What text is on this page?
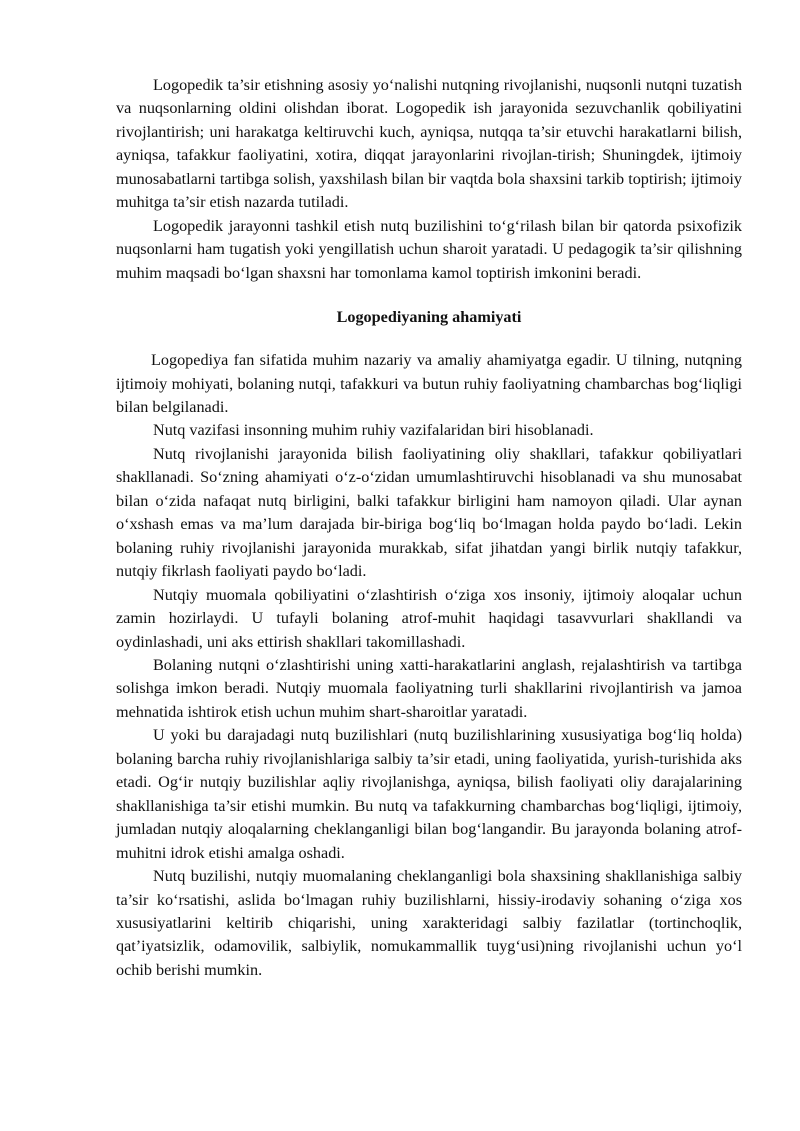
Logopedik ta’sir etishning asosiy yo‘nalishi nutqning rivojlanishi, nuqsonli nutqni tuzatish va nuqsonlarning oldini olishdan iborat. Logopedik ish jarayonida sezuvchanlik qobiliyatini rivojlantirish; uni harakatga keltiruvchi kuch, ayniqsa, nutqqa ta’sir etuvchi harakatlarni bilish, ayniqsa, tafakkur faoliyatini, xotira, diqqat jarayonlarini rivojlan-tirish; Shuningdek, ijtimoiy munosabatlarni tartibga solish, yaxshilash bilan bir vaqtda bola shaxsini tarkib toptirish; ijtimoiy muhitga ta’sir etish nazarda tutiladi.

Logopedik jarayonni tashkil etish nutq buzilishini to‘g‘rilash bilan bir qatorda psixofizik nuqsonlarni ham tugatish yoki yengillatish uchun sharoit yaratadi. U pedagogik ta’sir qilishning muhim maqsadi bo‘lgan shaxsni har tomonlama kamol toptirish imkonini beradi.

Logopediyaning ahamiyati

Logopediya fan sifatida muhim nazariy va amaliy ahamiyatga egadir. U tilning, nutqning ijtimoiy mohiyati, bolaning nutqi, tafakkuri va butun ruhiy faoliyatning chambarchas bog‘liqligi bilan belgilanadi.

Nutq vazifasi insonning muhim ruhiy vazifalaridan biri hisoblanadi.

Nutq rivojlanishi jarayonida bilish faoliyatining oliy shakllari, tafakkur qobiliyatlari shakllanadi. So‘zning ahamiyati o‘z-o‘zidan umumlashtiruvchi hisoblanadi va shu munosabat bilan o‘zida nafaqat nutq birligini, balki tafakkur birligini ham namoyon qiladi. Ular aynan o‘xshash emas va ma’lum darajada bir-biriga bog‘liq bo‘lmagan holda paydo bo‘ladi. Lekin bolaning ruhiy rivojlanishi jarayonida murakkab, sifat jihatdan yangi birlik nutqiy tafakkur, nutqiy fikrlash faoliyati paydo bo‘ladi.

Nutqiy muomala qobiliyatini o‘zlashtirish o‘ziga xos insoniy, ijtimoiy aloqalar uchun zamin hozirlaydi. U tufayli bolaning atrof-muhit haqidagi tasavvurlari shakllandi va oydinlashadi, uni aks ettirish shakllari takomillashadi.

Bolaning nutqni o‘zlashtirishi uning xatti-harakatlarini anglash, rejalashtirish va tartibga solishga imkon beradi. Nutqiy muomala faoliyatning turli shakllarini rivojlantirish va jamoa mehnatida ishtirok etish uchun muhim shart-sharoitlar yaratadi.

U yoki bu darajadagi nutq buzilishlari (nutq buzilishlarining xususiyatiga bog‘liq holda) bolaning barcha ruhiy rivojlanishlariga salbiy ta’sir etadi, uning faoliyatida, yurish-turishida aks etadi. Og‘ir nutqiy buzilishlar aqliy rivojlanishga, ayniqsa, bilish faoliyati oliy darajalarining shakllanishiga ta’sir etishi mumkin. Bu nutq va tafakkurning chambarchas bog‘liqligi, ijtimoiy, jumladan nutqiy aloqalarning cheklanganligi bilan bog‘langandir. Bu jarayonda bolaning atrof-muhitni idrok etishi amalga oshadi.

Nutq buzilishi, nutqiy muomalaning cheklanganligi bola shaxsining shakllanishiga salbiy ta’sir ko‘rsatishi, aslida bo‘lmagan ruhiy buzilishlarni, hissiy-irodaviy sohaning o‘ziga xos xususiyatlarini keltirib chiqarishi, uning xarakteridagi salbiy fazilatlar (tortinchoqlik, qat’iyatsizlik, odamovilik, salbiylik, nomukammallik tuyg‘usi)ning rivojlanishi uchun yo‘l ochib berishi mumkin.
